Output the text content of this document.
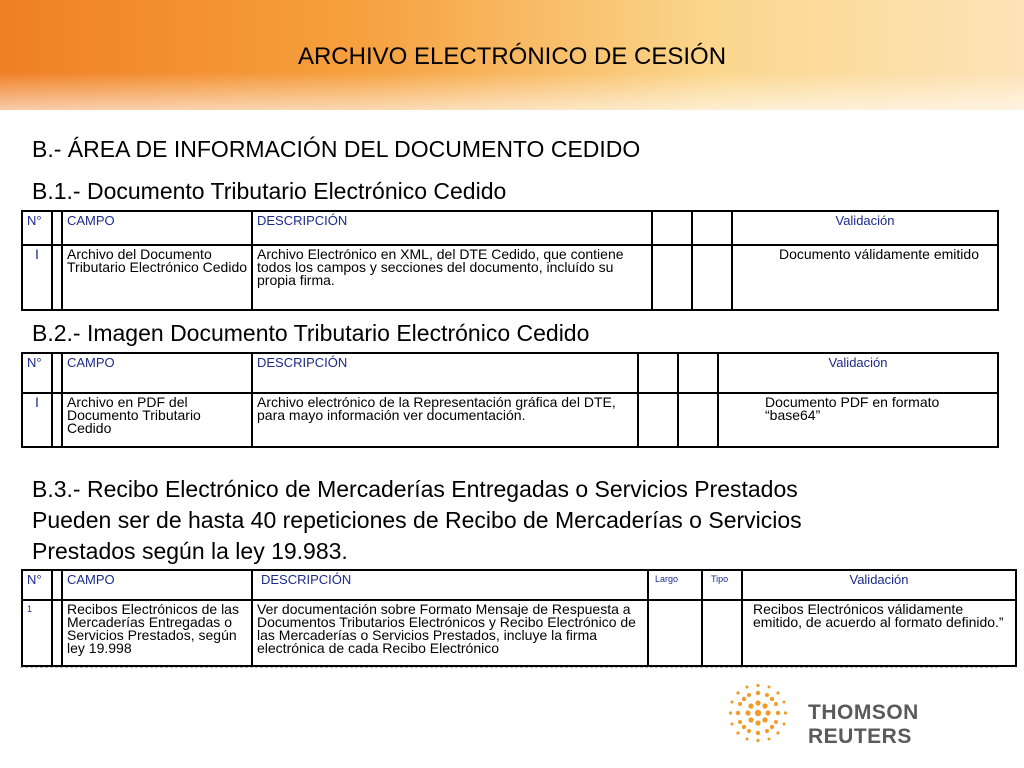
ARCHIVO ELECTRÓNICO DE CESIÓN
B.- ÁREA DE INFORMACIÓN DEL DOCUMENTO CEDIDO
B.1.- Documento Tributario Electrónico Cedido
N°		CAMPO	DESCRIPCIÓN			Validación
I		Archivo del Documento Tributario Electrónico Cedido	Archivo Electrónico en XML, del DTE Cedido, que contiene todos los campos y secciones del documento, incluído su propia firma.			Documento válidamente emitido
B.2.- Imagen Documento Tributario Electrónico Cedido
N°		CAMPO	DESCRIPCIÓN			Validación
I		Archivo en PDF del Documento Tributario Cedido	Archivo electrónico de la Representación gráfica del DTE, para mayo información ver documentación.			Documento PDF en formato “base64”
B.3.- Recibo Electrónico de Mercaderías Entregadas o Servicios Prestados
Pueden ser de hasta 40 repeticiones de Recibo de Mercaderías o Servicios
Prestados según la ley 19.983.
N°		CAMPO	DESCRIPCIÓN	Largo	Tipo	Validación
1		Recibos Electrónicos de las Mercaderías Entregadas o Servicios Prestados, según ley 19.998	Ver documentación sobre Formato Mensaje de Respuesta a Documentos Tributarios Electrónicos y Recibo Electrónico de las Mercaderías o Servicios Prestados, incluye la firma electrónica de cada Recibo Electrónico			Recibos Electrónicos válidamente emitido, de acuerdo al formato definido.”
THOMSON REUTERS
